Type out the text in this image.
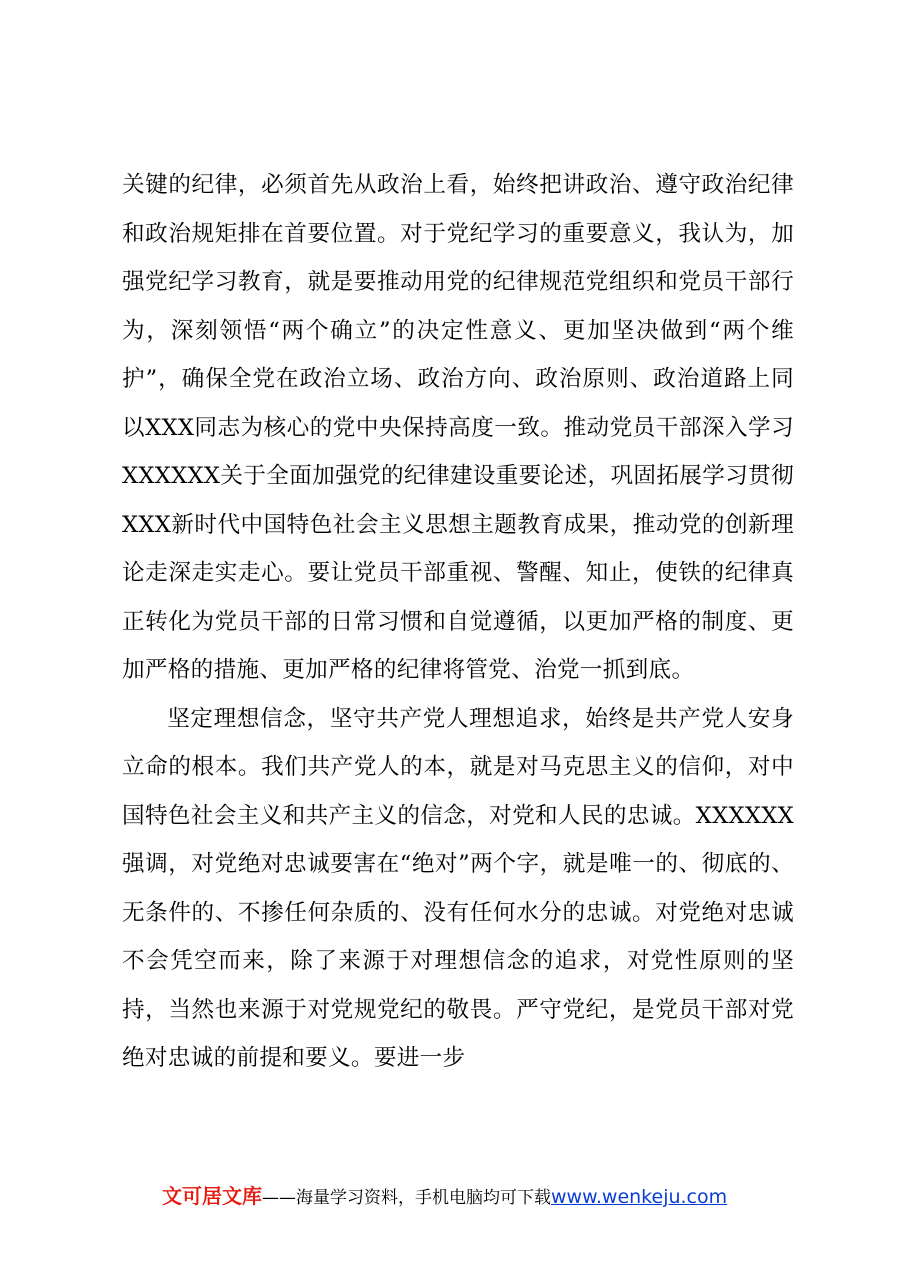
关键的纪律，必须首先从政治上看，始终把讲政治、遵守政治纪律和政治规矩排在首要位置。对于党纪学习的重要意义，我认为，加强党纪学习教育，就是要推动用党的纪律规范党组织和党员干部行为，深刻领悟“两个确立”的决定性意义、更加坚决做到“两个维护”，确保全党在政治立场、政治方向、政治原则、政治道路上同以XXX同志为核心的党中央保持高度一致。推动党员干部深入学习XXXXXX关于全面加强党的纪律建设重要论述，巩固拓展学习贯彻XXX新时代中国特色社会主义思想主题教育成果，推动党的创新理论走深走实走心。要让党员干部重视、警醒、知止，使铁的纪律真正转化为党员干部的日常习惯和自觉遵循，以更加严格的制度、更加严格的措施、更加严格的纪律将管党、治党一抓到底。

坚定理想信念，坚守共产党人理想追求，始终是共产党人安身立命的根本。我们共产党人的本，就是对马克思主义的信仰，对中国特色社会主义和共产主义的信念，对党和人民的忠诚。XXXXXX强调，对党绝对忠诚要害在“绝对”两个字，就是唯一的、彻底的、无条件的、不掺任何杂质的、没有任何水分的忠诚。对党绝对忠诚不会凭空而来，除了来源于对理想信念的追求，对党性原则的坚持，当然也来源于对党规党纪的敬畏。严守党纪，是党员干部对党绝对忠诚的前提和要义。要进一步

文可居文库——海量学习资料，手机电脑均可下载www.wenkeju.com
